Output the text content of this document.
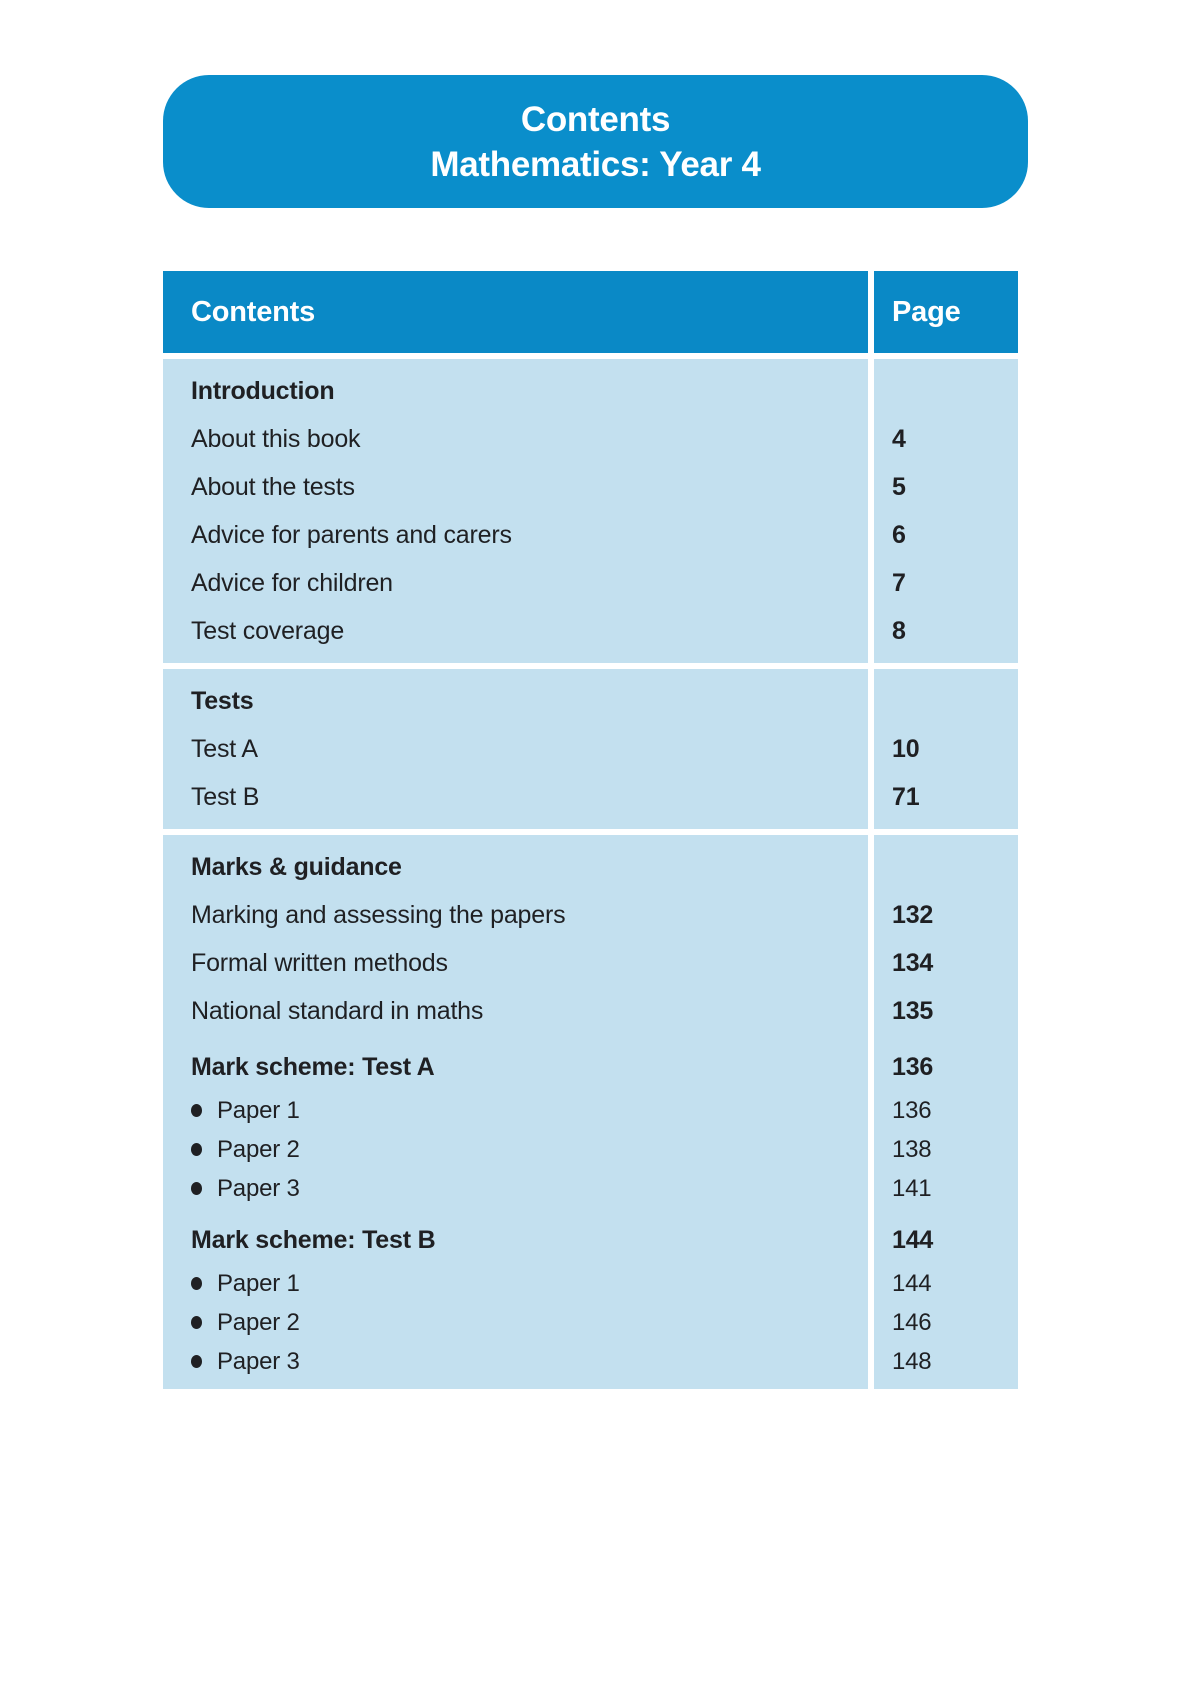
Contents
Mathematics: Year 4
Contents	Page
Introduction
About this book
About the tests
Advice for parents and carers
Advice for children
Test coverage
4
5
6
7
8
Tests
Test A
Test B
10
71
Marks & guidance
Marking and assessing the papers
Formal written methods
National standard in maths
Mark scheme: Test A
Paper 1
Paper 2
Paper 3
Mark scheme: Test B
Paper 1
Paper 2
Paper 3
132
134
135
136
136
138
141
144
144
146
148
